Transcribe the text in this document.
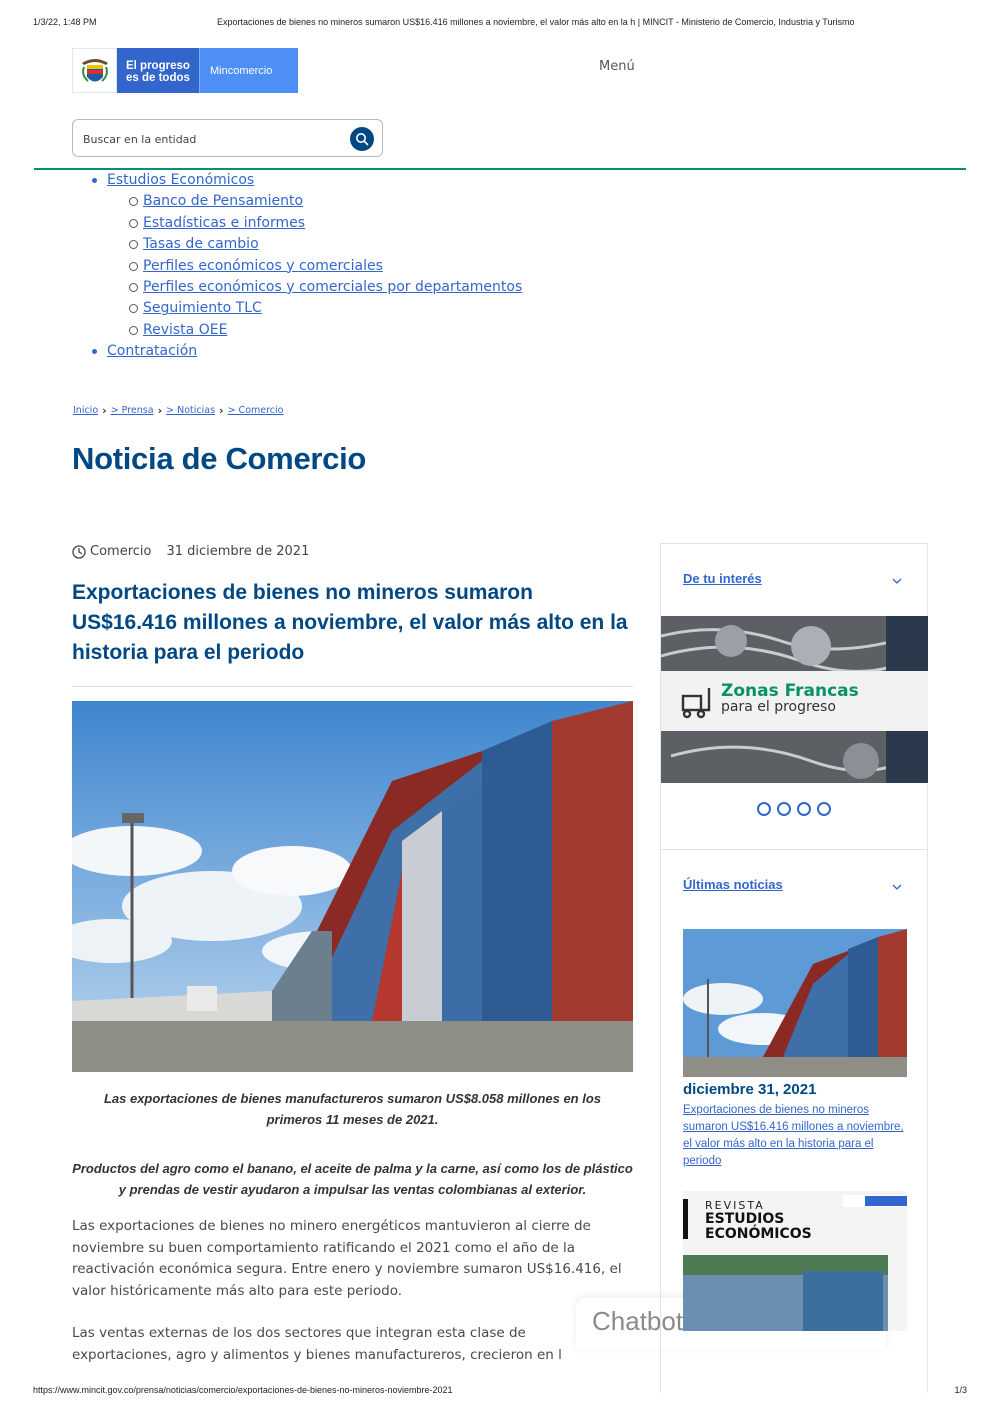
1/3/22, 1:48 PM	Exportaciones de bienes no mineros sumaron US$16.416 millones a noviembre, el valor más alto en la h | MINCIT - Ministerio de Comercio, Industria y Turismo
El progreso
es de todos
Mincomercio	Menú
Buscar en la entidad
Estudios Económicos
Banco de Pensamiento
Estadísticas e informes
Tasas de cambio
Perfiles económicos y comerciales
Perfiles económicos y comerciales por departamentos
Seguimiento TLC
Revista OEE
Contratación
Inicio › > Prensa › > Noticias › > Comercio
Noticia de Comercio
Comercio 31 diciembre de 2021
Exportaciones de bienes no mineros sumaron US$16.416 millones a noviembre, el valor más alto en la historia para el periodo

Las exportaciones de bienes manufactureros sumaron US$8.058 millones en los primeros 11 meses de 2021.

Productos del agro como el banano, el aceite de palma y la carne, así como los de plástico y prendas de vestir ayudaron a impulsar las ventas colombianas al exterior.

Las exportaciones de bienes no minero energéticos mantuvieron al cierre de noviembre su buen comportamiento ratificando el 2021 como el año de la reactivación económica segura. Entre enero y noviembre sumaron US$16.416, el valor históricamente más alto para este periodo.

Las ventas externas de los dos sectores que integran esta clase de exportaciones, agro y alimentos y bienes manufactureros, crecieron en l

Chatbot
De tu interés
Zonas Francas
para el progreso
Últimas noticias
diciembre 31, 2021
Exportaciones de bienes no mineros sumaron US$16.416 millones a noviembre, el valor más alto en la historia para el periodo
REVISTA
ESTUDIOS
ECONÓMICOS
https://www.mincit.gov.co/prensa/noticias/comercio/exportaciones-de-bienes-no-mineros-noviembre-2021	1/3
